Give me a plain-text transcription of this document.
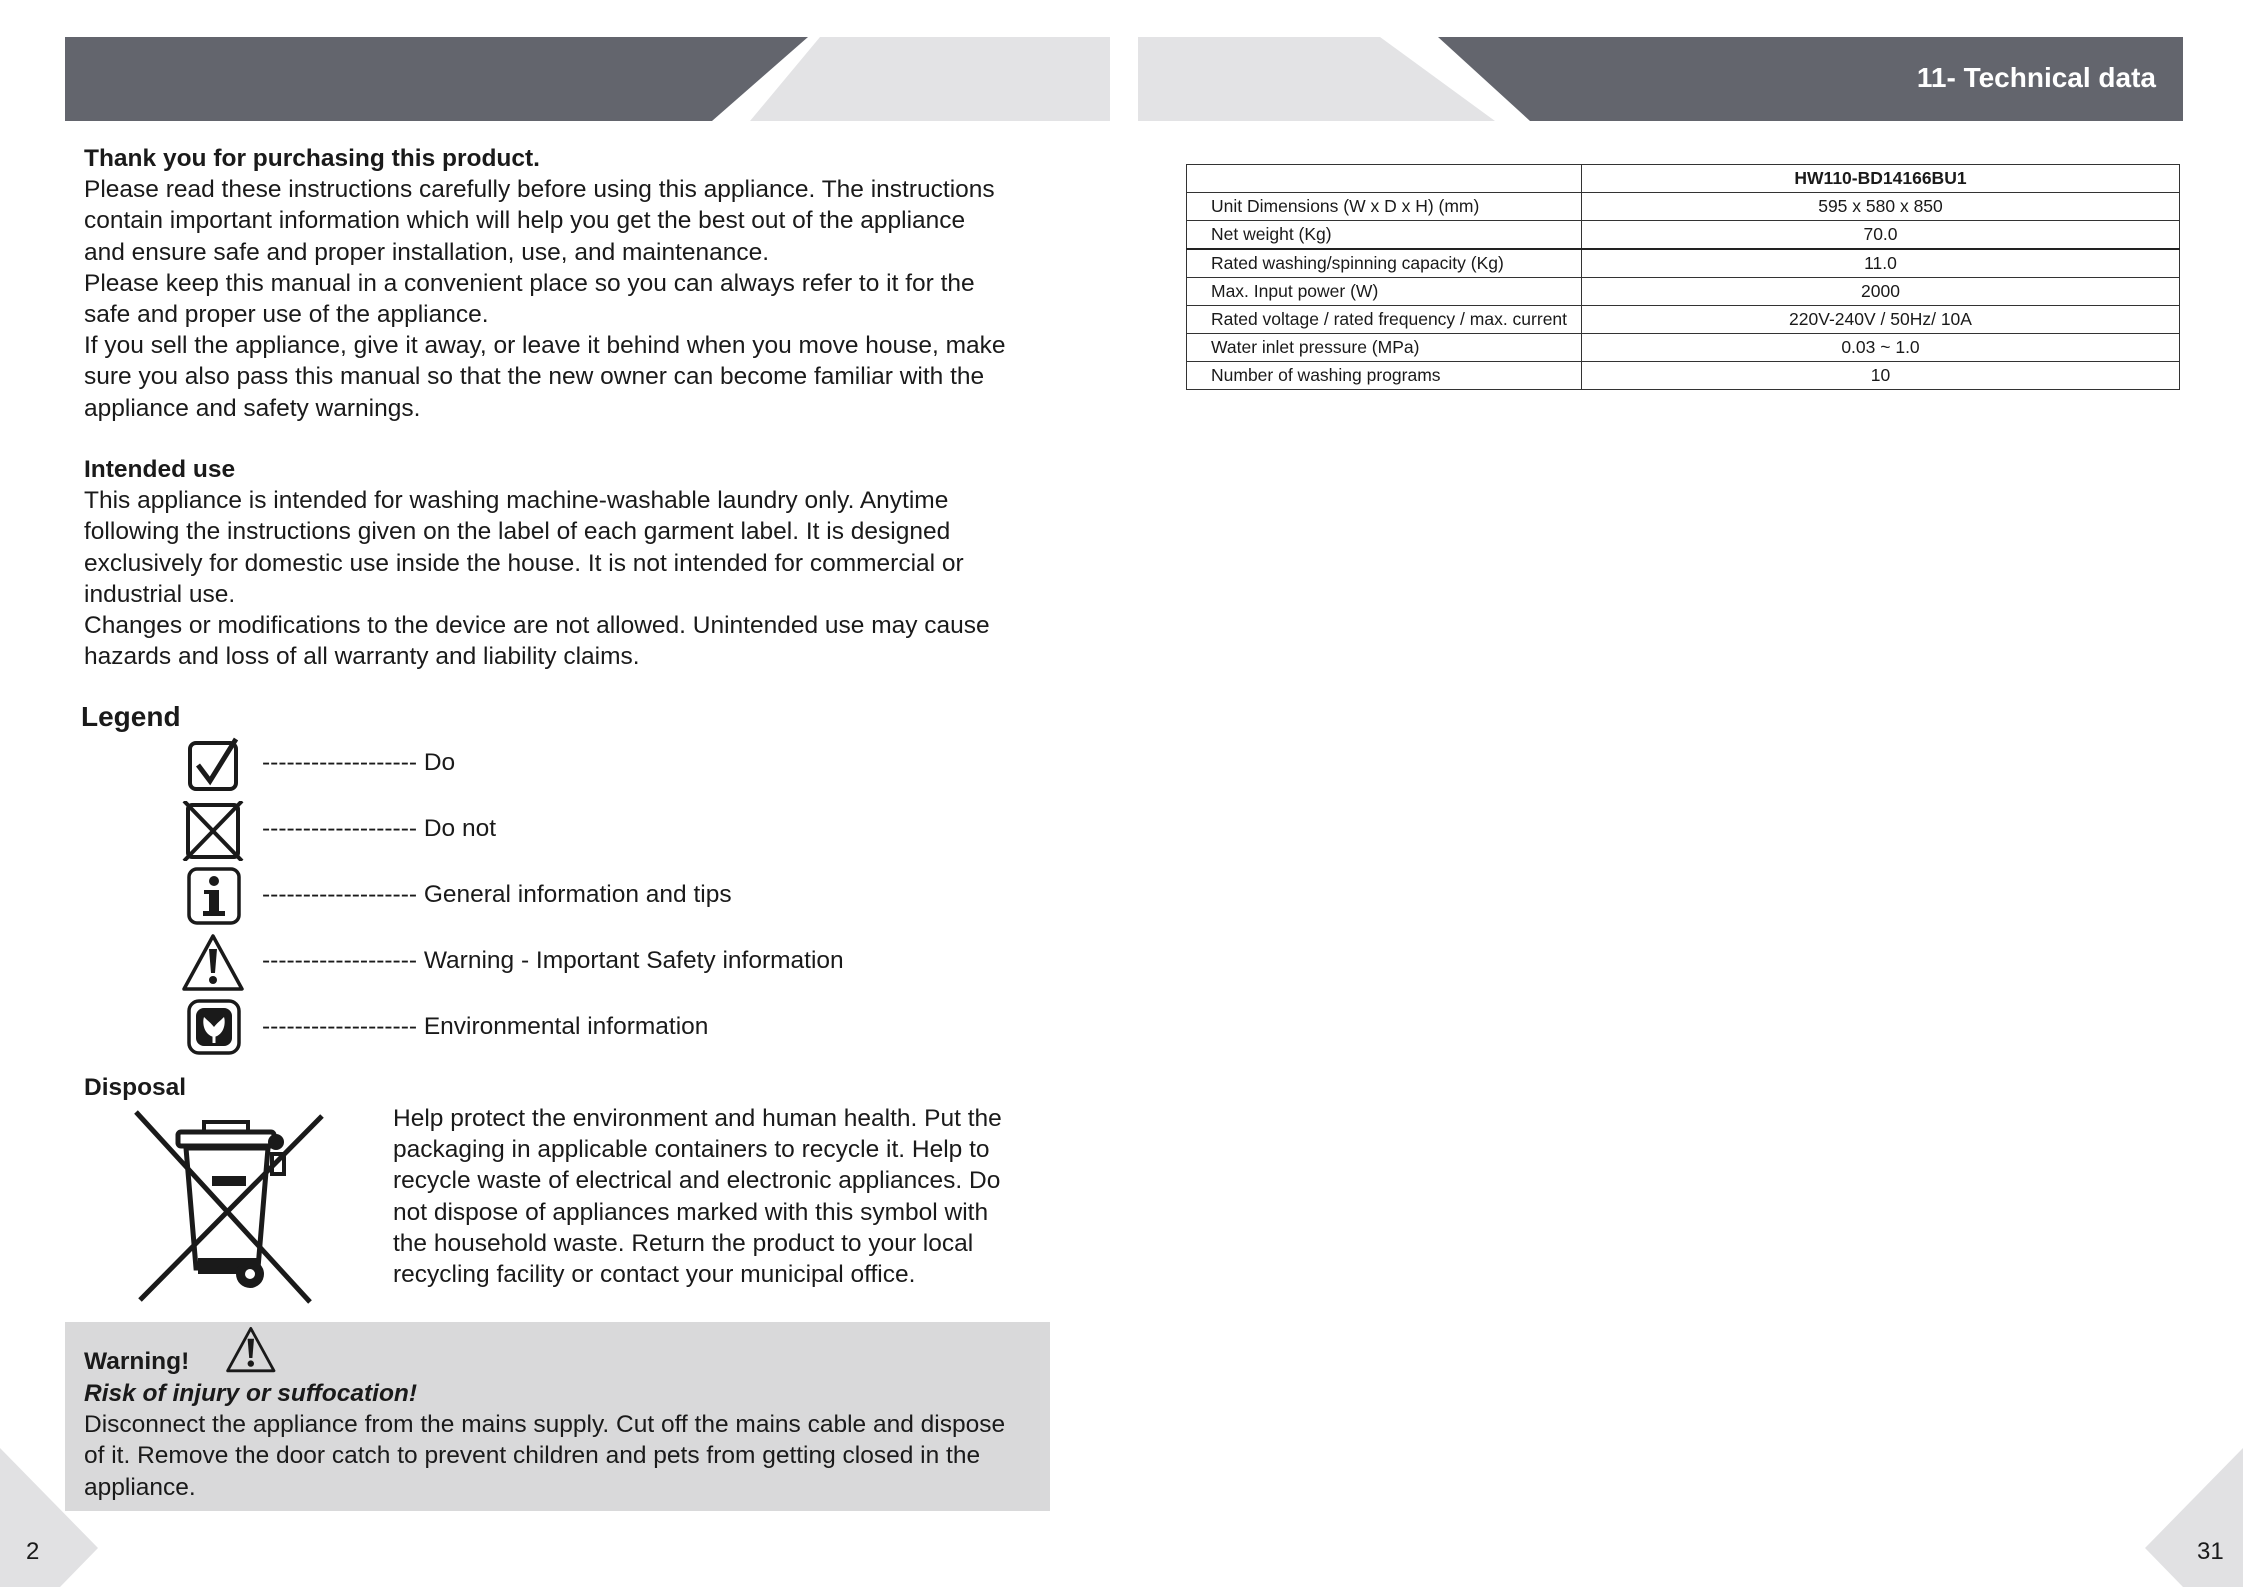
11- Technical data

Thank you for purchasing this product.

Please read these instructions carefully before using this appliance. The instructions

contain important information which will help you get the best out of the appliance

and ensure safe and proper installation, use, and maintenance.

Please keep this manual in a convenient place so you can always refer to it for the

safe and proper use of the appliance.

If you sell the appliance, give it away, or leave it behind when you move house, make

sure you also pass this manual so that the new owner can become familiar with the

appliance and safety warnings.

Intended use

This appliance is intended for washing machine-washable laundry only. Anytime

following the instructions given on the label of each garment label. It is designed

exclusively for domestic use inside the house. It is not intended for commercial or

industrial use.

Changes or modifications to the device are not allowed. Unintended use may cause

hazards and loss of all warranty and liability claims.

Legend
------------------- Do
------------------- Do not
------------------- General information and tips
------------------- Warning - Important Safety information
------------------- Environmental information
Disposal

Help protect the environment and human health. Put the

packaging in applicable containers to recycle it. Help to

recycle waste of electrical and electronic appliances. Do

not dispose of appliances marked with this symbol with

the household waste. Return the product to your local

recycling facility or contact your municipal office.

Warning!

Risk of injury or suffocation!

Disconnect the appliance from the mains supply. Cut off the mains cable and dispose

of it. Remove the door catch to prevent children and pets from getting closed in the

appliance.

	HW110-BD14166BU1
Unit Dimensions (W x D x H) (mm)	595 x 580 x 850
Net weight (Kg)	70.0
Rated washing/spinning capacity (Kg)	11.0
Max. Input power (W)	2000
Rated voltage / rated frequency / max. current	220V-240V / 50Hz/ 10A
Water inlet pressure (MPa)	0.03 ~ 1.0
Number of washing programs	10
2	31
